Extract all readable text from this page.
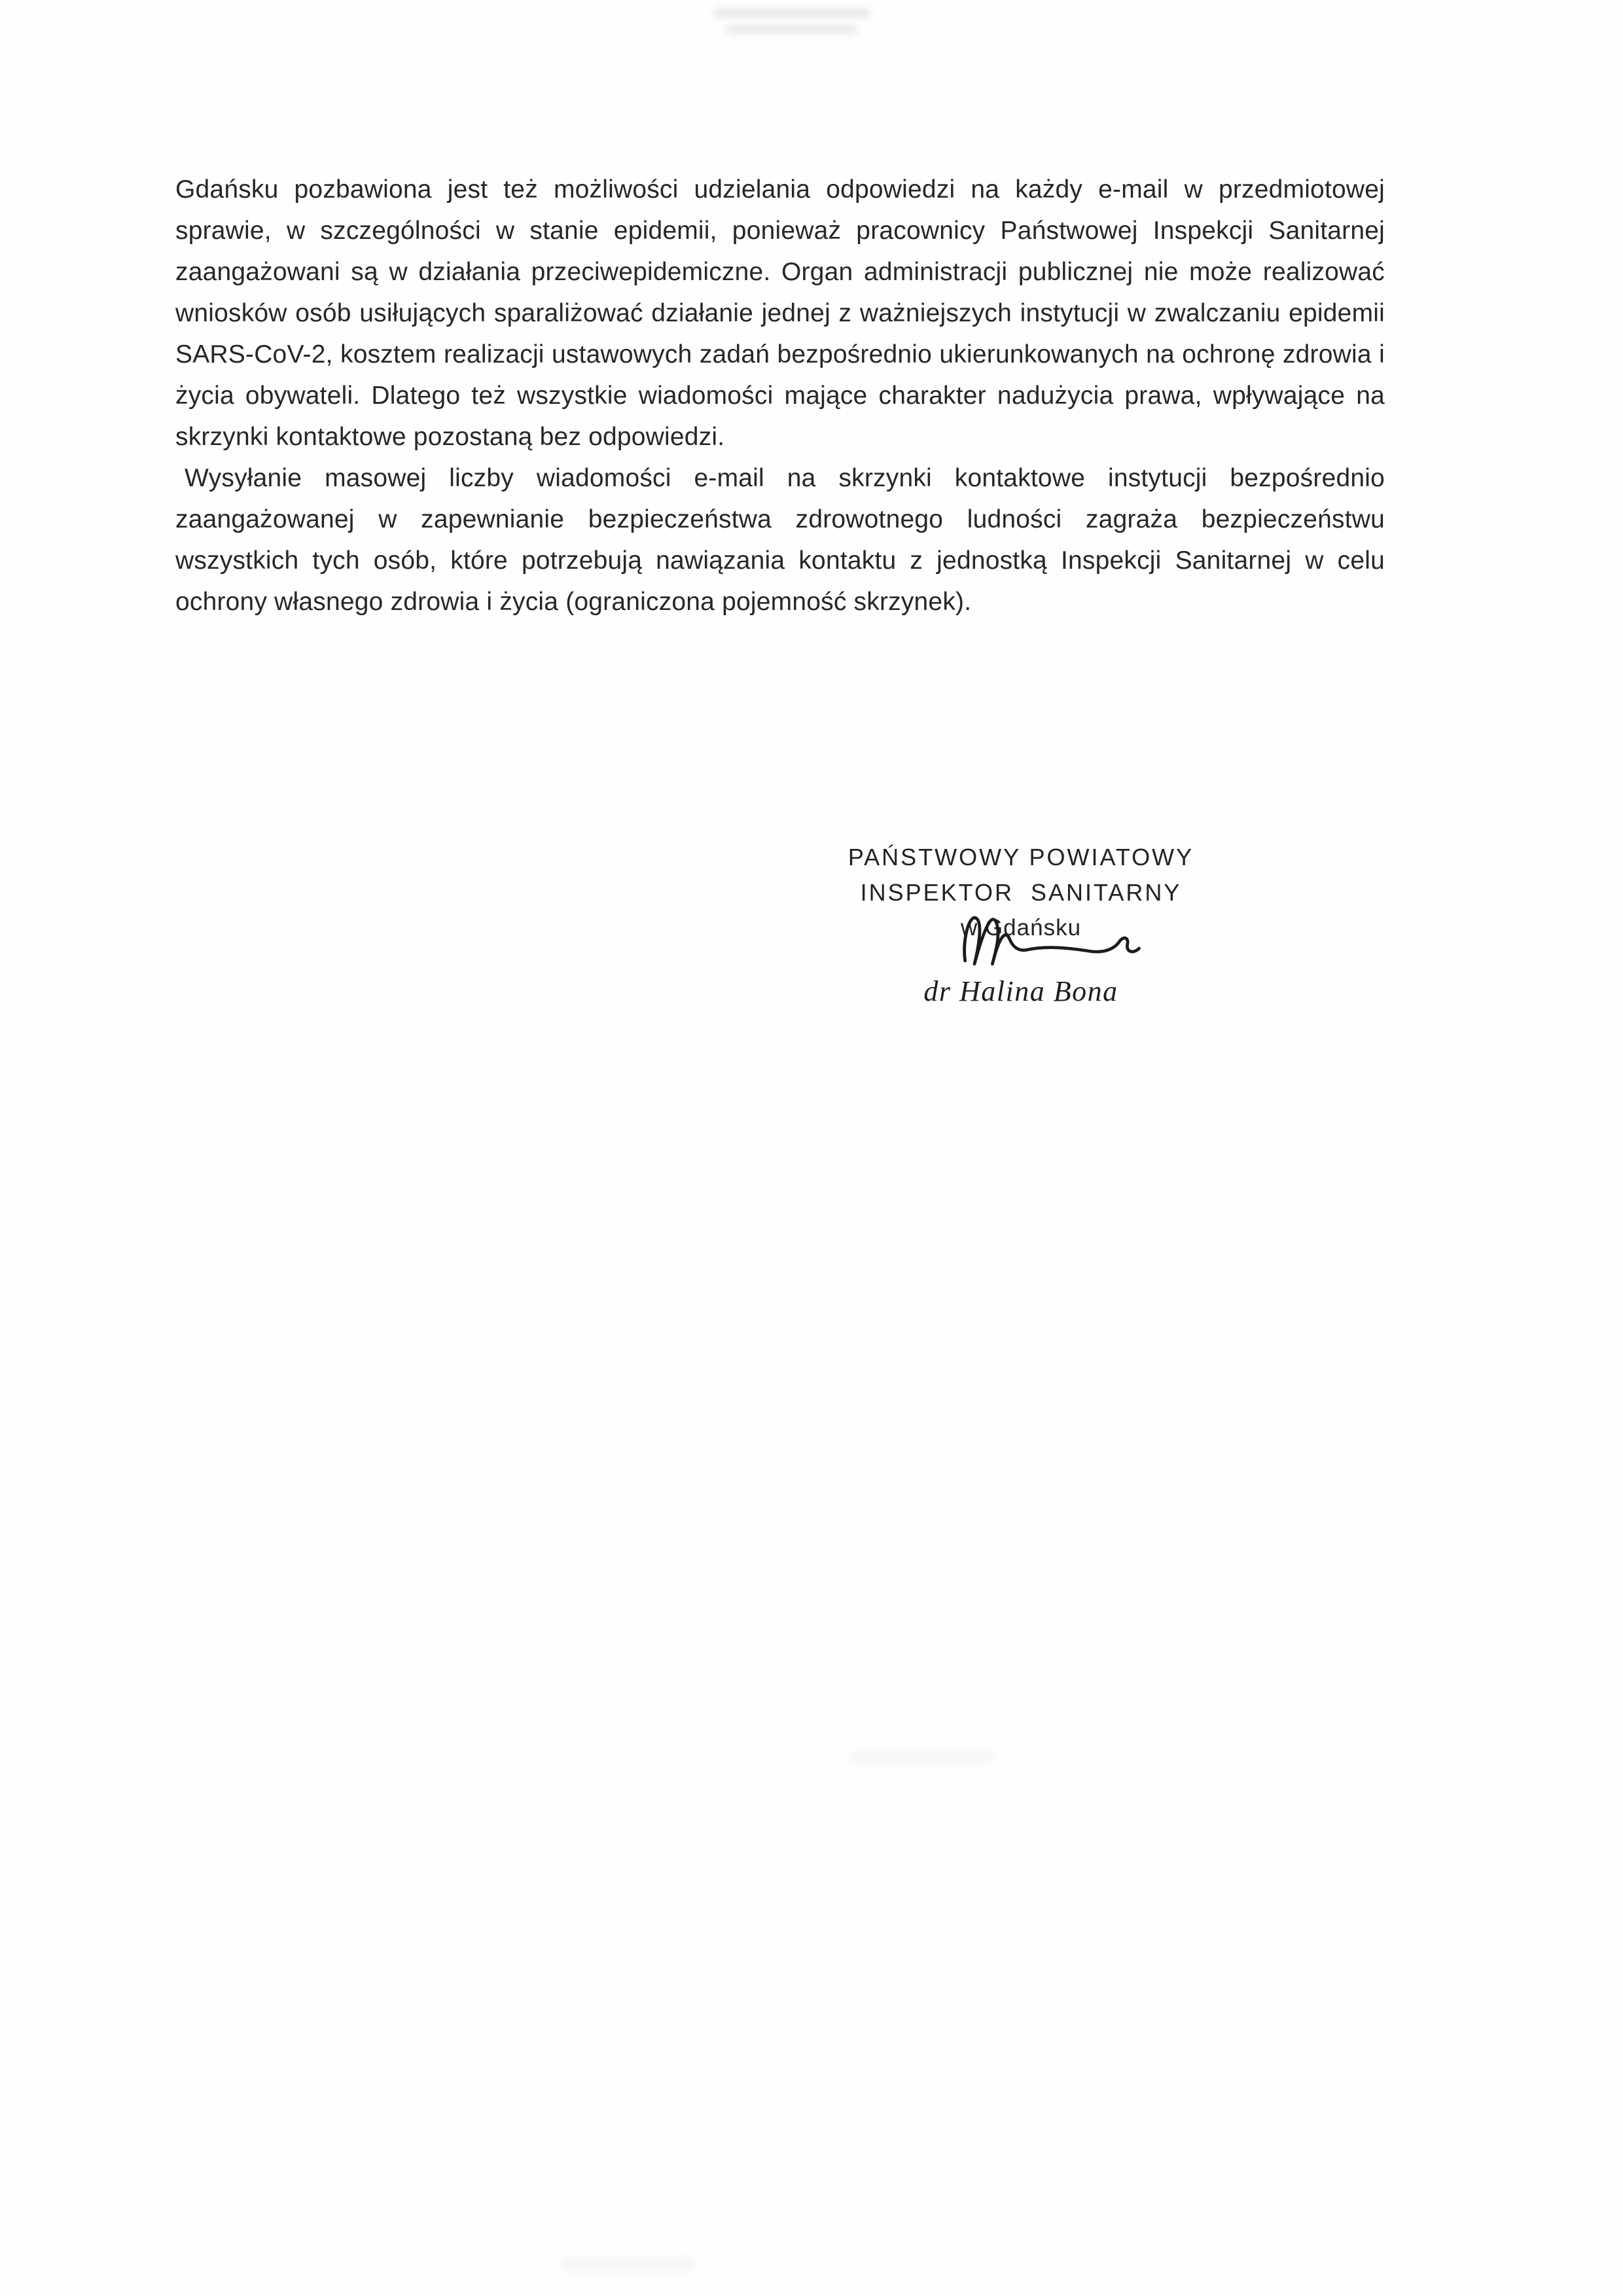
Gdańsku pozbawiona jest też możliwości udzielania odpowiedzi na każdy e-mail w przedmiotowej sprawie, w szczególności w stanie epidemii, ponieważ pracownicy Państwowej Inspekcji Sanitarnej zaangażowani są w działania przeciwepidemiczne. Organ administracji publicznej nie może realizować wniosków osób usiłujących sparaliżować działanie jednej z ważniejszych instytucji w zwalczaniu epidemii SARS-CoV-2, kosztem realizacji ustawowych zadań bezpośrednio ukierunkowanych na ochronę zdrowia i życia obywateli. Dlatego też wszystkie wiadomości mające charakter nadużycia prawa, wpływające na skrzynki kontaktowe pozostaną bez odpowiedzi.

Wysyłanie masowej liczby wiadomości e-mail na skrzynki kontaktowe instytucji bezpośrednio zaangażowanej w zapewnianie bezpieczeństwa zdrowotnego ludności zagraża bezpieczeństwu wszystkich tych osób, które potrzebują nawiązania kontaktu z jednostką Inspekcji Sanitarnej w celu ochrony własnego zdrowia i życia (ograniczona pojemność skrzynek).

PAŃSTWOWY POWIATOWY
INSPEKTOR  SANITARNY
w Gdańsku
dr Halina Bona
